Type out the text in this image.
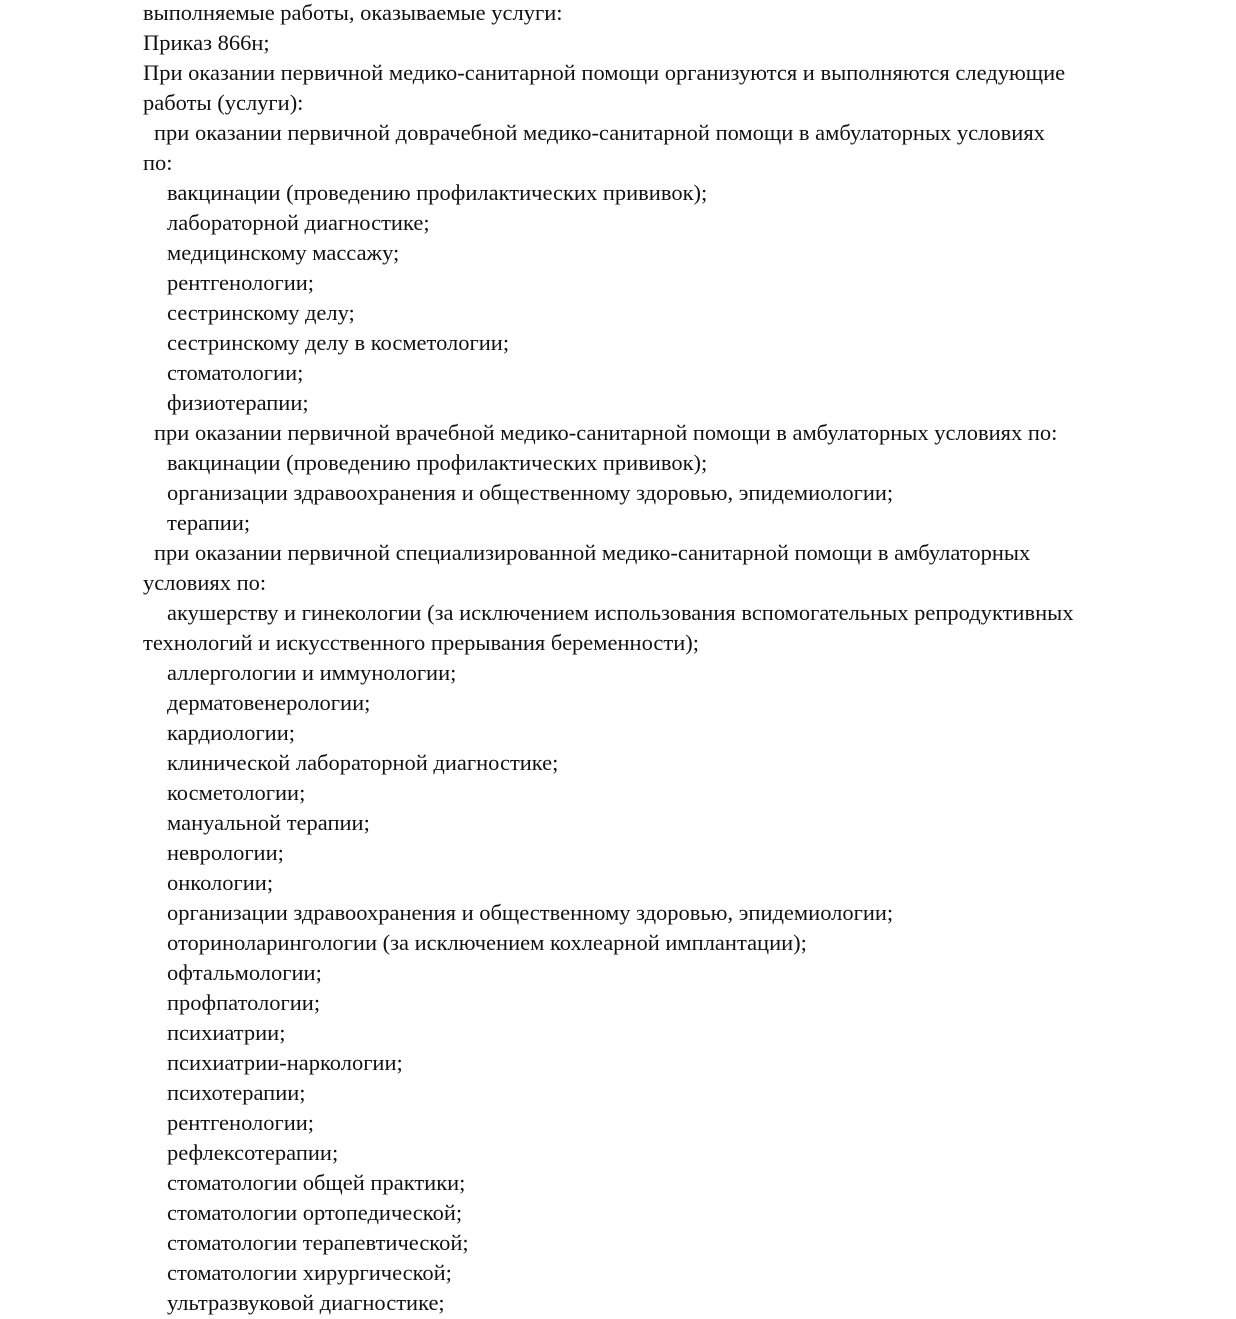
выполняемые работы, оказываемые услуги:
Приказ 866н;
При оказании первичной медико-санитарной помощи организуются и выполняются следующие
работы (услуги):
при оказании первичной доврачебной медико-санитарной помощи в амбулаторных условиях
по:
вакцинации (проведению профилактических прививок);
лабораторной диагностике;
медицинскому массажу;
рентгенологии;
сестринскому делу;
сестринскому делу в косметологии;
стоматологии;
физиотерапии;
при оказании первичной врачебной медико-санитарной помощи в амбулаторных условиях по:
вакцинации (проведению профилактических прививок);
организации здравоохранения и общественному здоровью, эпидемиологии;
терапии;
при оказании первичной специализированной медико-санитарной помощи в амбулаторных
условиях по:
акушерству и гинекологии (за исключением использования вспомогательных репродуктивных
технологий и искусственного прерывания беременности);
аллергологии и иммунологии;
дерматовенерологии;
кардиологии;
клинической лабораторной диагностике;
косметологии;
мануальной терапии;
неврологии;
онкологии;
организации здравоохранения и общественному здоровью, эпидемиологии;
оториноларингологии (за исключением кохлеарной имплантации);
офтальмологии;
профпатологии;
психиатрии;
психиатрии-наркологии;
психотерапии;
рентгенологии;
рефлексотерапии;
стоматологии общей практики;
стоматологии ортопедической;
стоматологии терапевтической;
стоматологии хирургической;
ультразвуковой диагностике;
